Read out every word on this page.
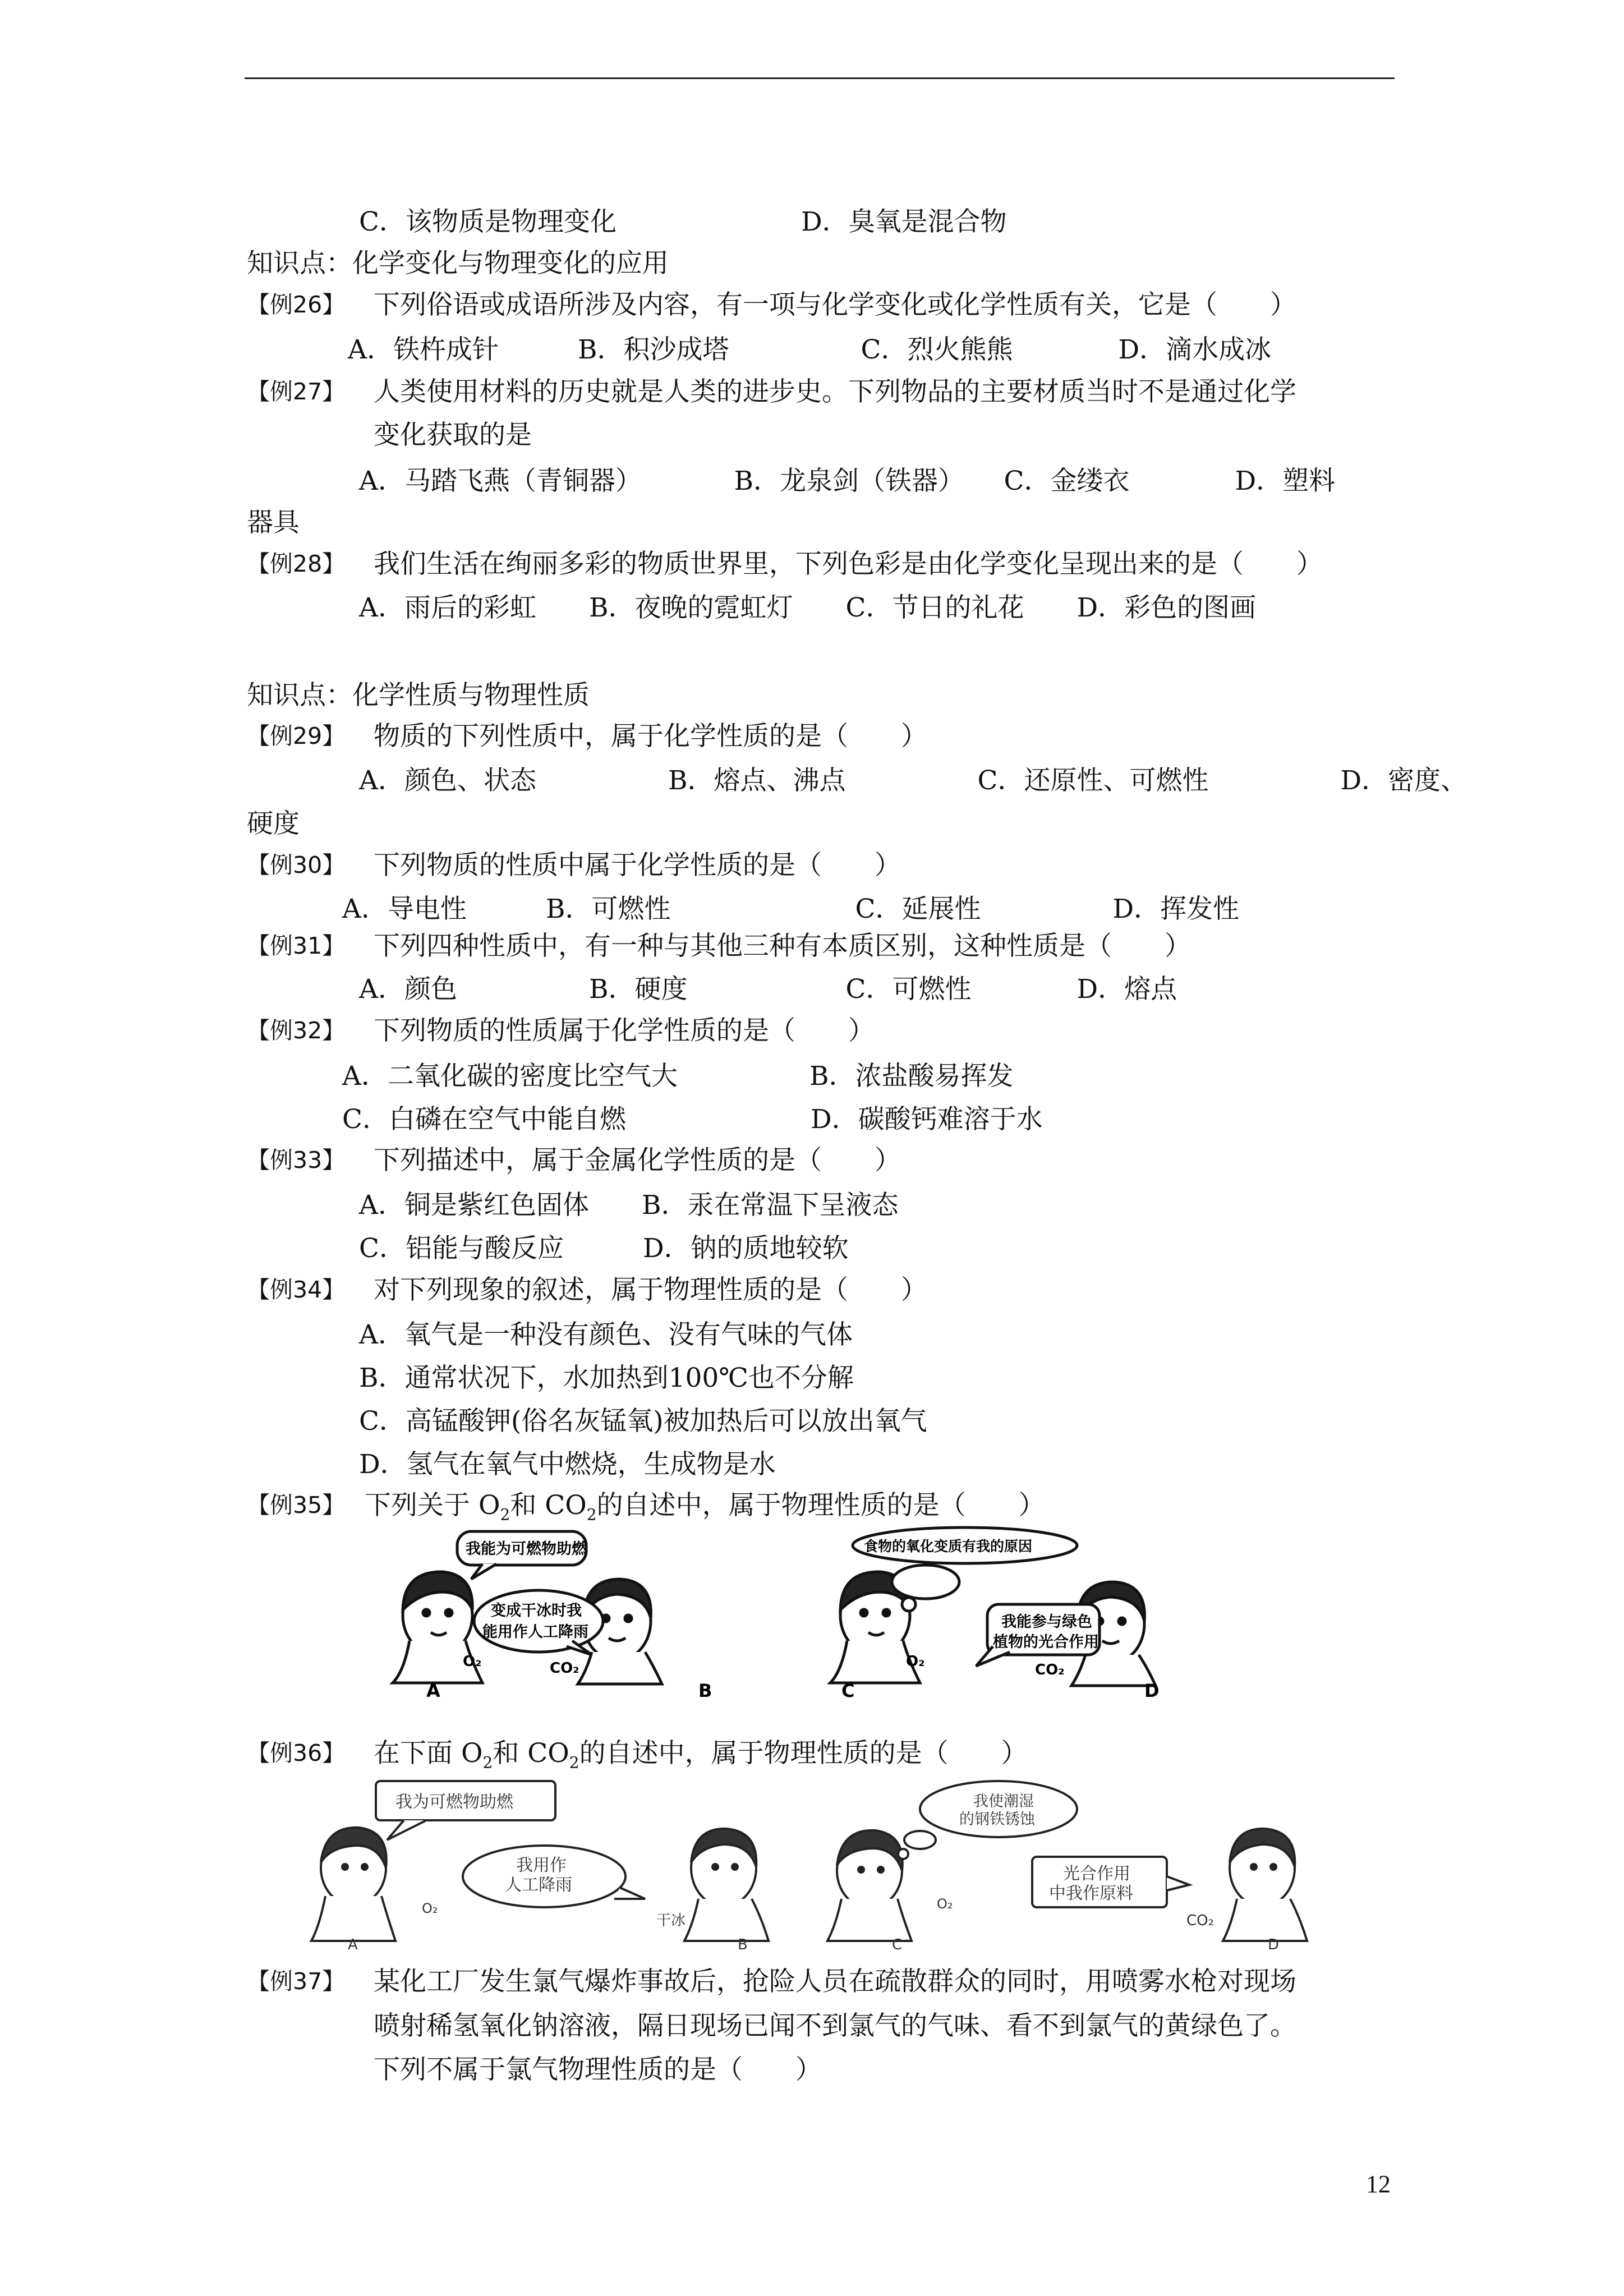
C．该物质是物理变化　　　　　　　D．臭氧是混合物
知识点：化学变化与物理变化的应用
【例26】 下列俗语或成语所涉及内容，有一项与化学变化或化学性质有关，它是（　　）
A．铁杵成针　　　B．积沙成塔　　　　　C．烈火熊熊　　　　D．滴水成冰
【例27】 人类使用材料的历史就是人类的进步史。下列物品的主要材质当时不是通过化学
变化获取的是
A．马踏飞燕（青铜器）　　　　B．龙泉剑（铁器）　　C．金缕衣　　　　D．塑料
器具
【例28】 我们生活在绚丽多彩的物质世界里，下列色彩是由化学变化呈现出来的是（　　）
A．雨后的彩虹　　B．夜晚的霓虹灯　　C．节日的礼花　　D．彩色的图画
知识点：化学性质与物理性质
【例29】 物质的下列性质中，属于化学性质的是（　　）
A．颜色、状态　　　　　B．熔点、沸点　　　　　C．还原性、可燃性　　　　　D．密度、
硬度
【例30】 下列物质的性质中属于化学性质的是（　　）
A．导电性　　　B．可燃性　　　　　　　C．延展性　　　　　D．挥发性
【例31】 下列四种性质中，有一种与其他三种有本质区别，这种性质是（　　）
A．颜色　　　　　B．硬度　　　　　　C．可燃性　　　　D．熔点
【例32】 下列物质的性质属于化学性质的是（　　）
A．二氧化碳的密度比空气大　　　　　B．浓盐酸易挥发
C．白磷在空气中能自燃　　　　　　　D．碳酸钙难溶于水
【例33】 下列描述中，属于金属化学性质的是（　　）
A．铜是紫红色固体　　B．汞在常温下呈液态
C．铝能与酸反应　　　D．钠的质地较软
【例34】 对下列现象的叙述，属于物理性质的是（　　）
A．氧气是一种没有颜色、没有气味的气体
B．通常状况下，水加热到100℃也不分解
C．高锰酸钾(俗名灰锰氧)被加热后可以放出氧气
D．氢气在氧气中燃烧，生成物是水
【例35】 下列关于 $O_2$和 $CO_2$的自述中，属于物理性质的是（　　）
我能为可燃物助燃
变成干冰时我
能用作人工降雨
O₂	CO₂
A	B
食物的氧化变质有我的原因
我能参与绿色
植物的光合作用
O₂	CO₂
C	D
【例36】 在下面 $O_2$和 $CO_2$的自述中，属于物理性质的是（　　）
我为可燃物助燃
我用作
人工降雨
O₂
干冰
我使潮湿
的钢铁锈蚀
O₂
光合作用
中我作原料
CO₂
A	B	C	D
【例37】 某化工厂发生氯气爆炸事故后，抢险人员在疏散群众的同时，用喷雾水枪对现场
喷射稀氢氧化钠溶液，隔日现场已闻不到氯气的气味、看不到氯气的黄绿色了。
下列不属于氯气物理性质的是（　　）
12
